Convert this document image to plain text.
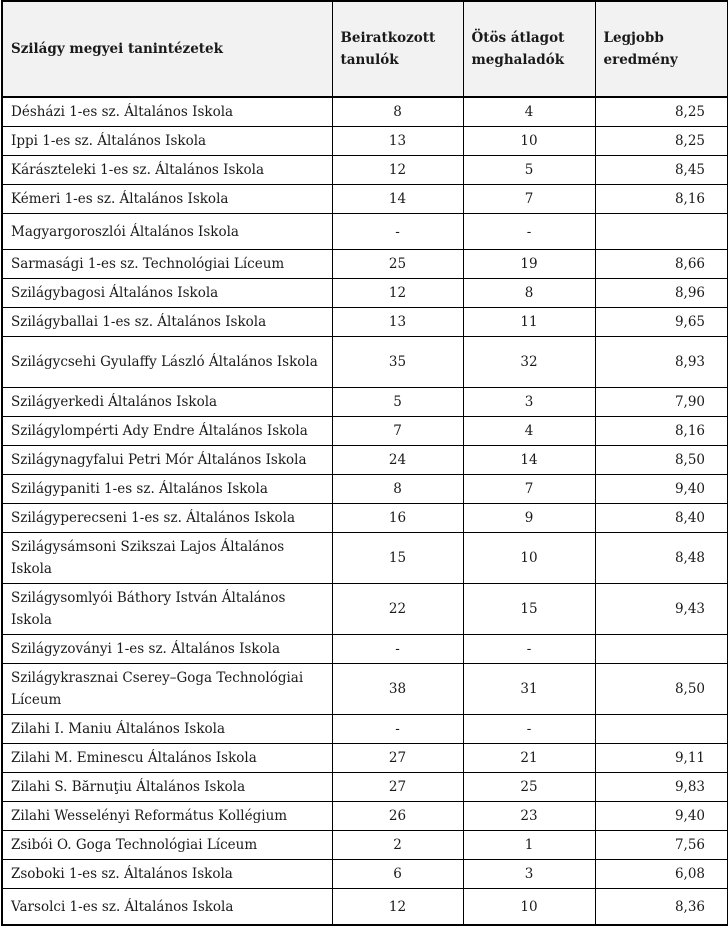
Szilágy megyei tanintézetek	Beiratkozott tanulók	Ötös átlagot meghaladók	Legjobb eredmény
Désházi 1-es sz. Általános Iskola	8	4	8,25
Ippi 1-es sz. Általános Iskola	13	10	8,25
Kárászteleki 1-es sz. Általános Iskola	12	5	8,45
Kémeri 1-es sz. Általános Iskola	14	7	8,16
Magyargoroszlói Általános Iskola	-	-	
Sarmasági 1-es sz. Technológiai Líceum	25	19	8,66
Szilágybagosi Általános Iskola	12	8	8,96
Szilágyballai 1-es sz. Általános Iskola	13	11	9,65
Szilágycsehi Gyulaffy László Általános Iskola	35	32	8,93
Szilágyerkedi Általános Iskola	5	3	7,90
Szilágylompérti Ady Endre Általános Iskola	7	4	8,16
Szilágynagyfalui Petri Mór Általános Iskola	24	14	8,50
Szilágypaniti 1-es sz. Általános Iskola	8	7	9,40
Szilágyperecseni 1-es sz. Általános Iskola	16	9	8,40
Szilágysámsoni Szikszai Lajos Általános Iskola	15	10	8,48
Szilágysomlyói Báthory István Általános Iskola	22	15	9,43
Szilágyzoványi 1-es sz. Általános Iskola	-	-	
Szilágykrasznai Cserey–Goga Technológiai Líceum	38	31	8,50
Zilahi I. Maniu Általános Iskola	-	-	
Zilahi M. Eminescu Általános Iskola	27	21	9,11
Zilahi S. Bărnuţiu Általános Iskola	27	25	9,83
Zilahi Wesselényi Református Kollégium	26	23	9,40
Zsibói O. Goga Technológiai Líceum	2	1	7,56
Zsoboki 1-es sz. Általános Iskola	6	3	6,08
Varsolci 1-es sz. Általános Iskola	12	10	8,36
